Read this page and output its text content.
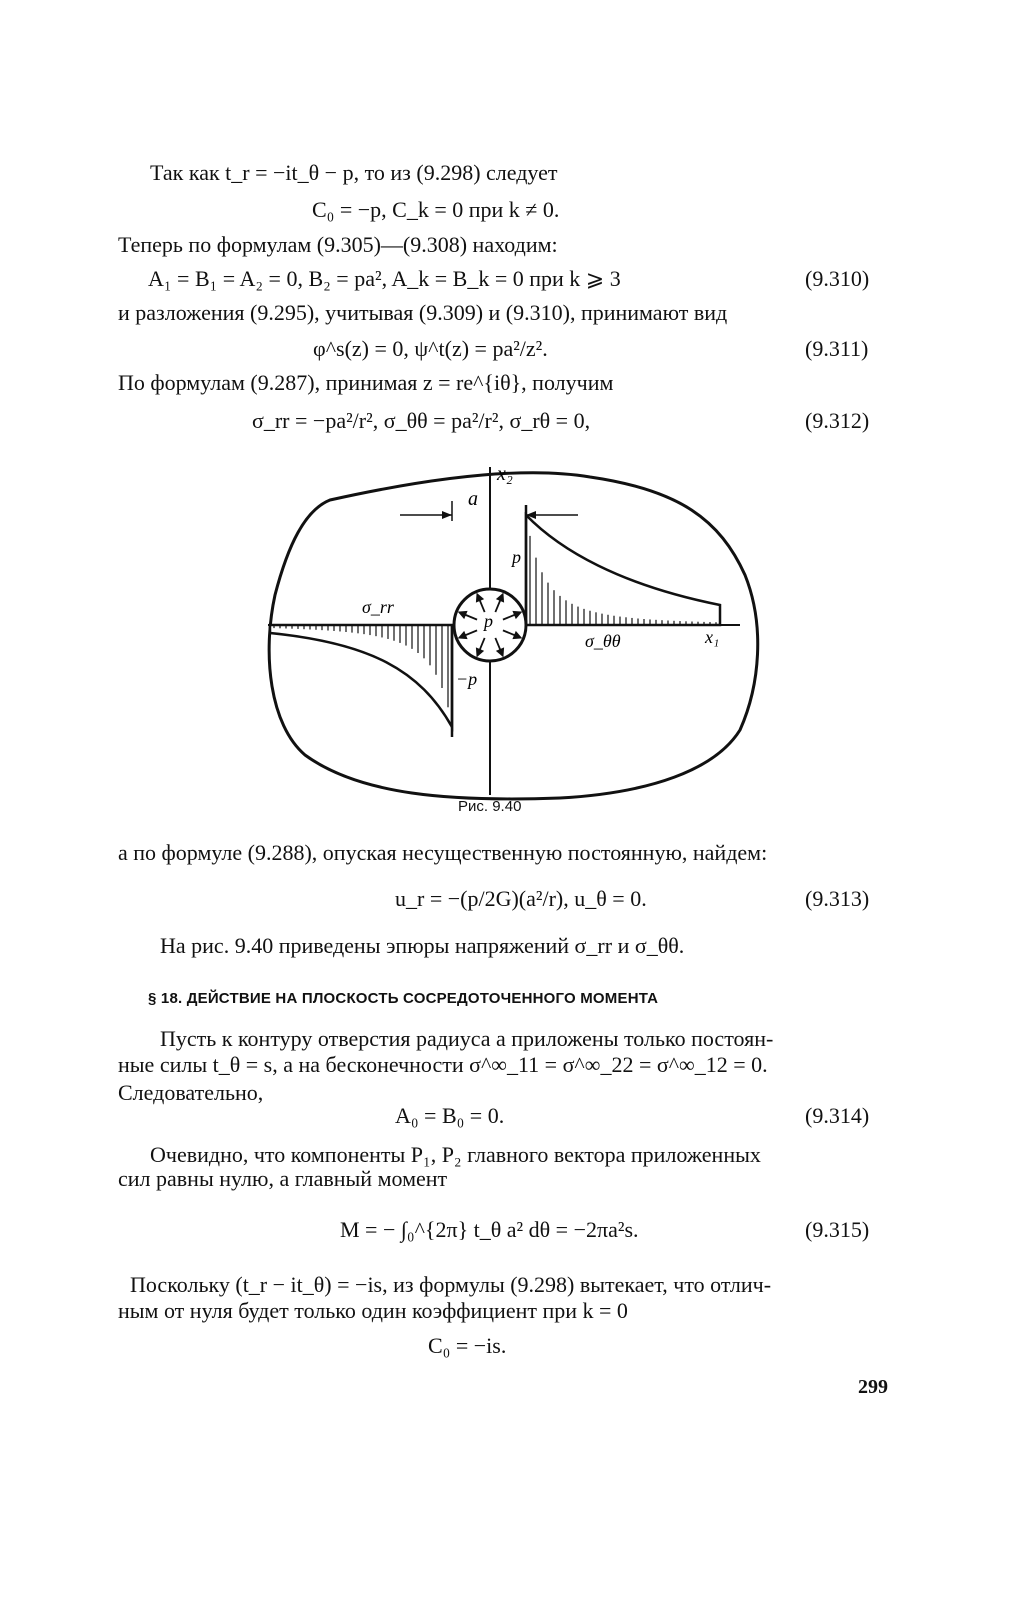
Так как t_r = −it_θ − p, то из (9.298) следует
C₀ = −p, C_k = 0 при k ≠ 0.
Теперь по формулам (9.305)—(9.308) находим:
A₁ = B₁ = A₂ = 0, B₂ = pa², A_k = B_k = 0 при k ⩾ 3	(9.310)
и разложения (9.295), учитывая (9.309) и (9.310), принимают вид
φ^s(z) = 0, ψ^t(z) = pa²/z².	(9.311)
По формулам (9.287), принимая z = re^{iθ}, получим
σ_rr = −pa²/r², σ_θθ = pa²/r², σ_rθ = 0,	(9.312)
x₂
a
p
p
σ_rr
σ_θθ	x₁
−p
Рис. 9.40
а по формуле (9.288), опуская несущественную постоянную, найдем:
u_r = −(p/2G)(a²/r), u_θ = 0.	(9.313)
На рис. 9.40 приведены эпюры напряжений σ_rr и σ_θθ.
§ 18. ДЕЙСТВИЕ НА ПЛОСКОСТЬ СОСРЕДОТОЧЕННОГО МОМЕНТА
Пусть к контуру отверстия радиуса a приложены только постоян-
ные силы t_θ = s, а на бесконечности σ^∞_11 = σ^∞_22 = σ^∞_12 = 0.
Следовательно,
A₀ = B₀ = 0.	(9.314)
Очевидно, что компоненты P₁, P₂ главного вектора приложенных
сил равны нулю, а главный момент
M = − ∫₀^{2π} t_θ a² dθ = −2πa²s.	(9.315)
Поскольку (t_r − it_θ) = −is, из формулы (9.298) вытекает, что отлич-
ным от нуля будет только один коэффициент при k = 0
C₀ = −is.
299
